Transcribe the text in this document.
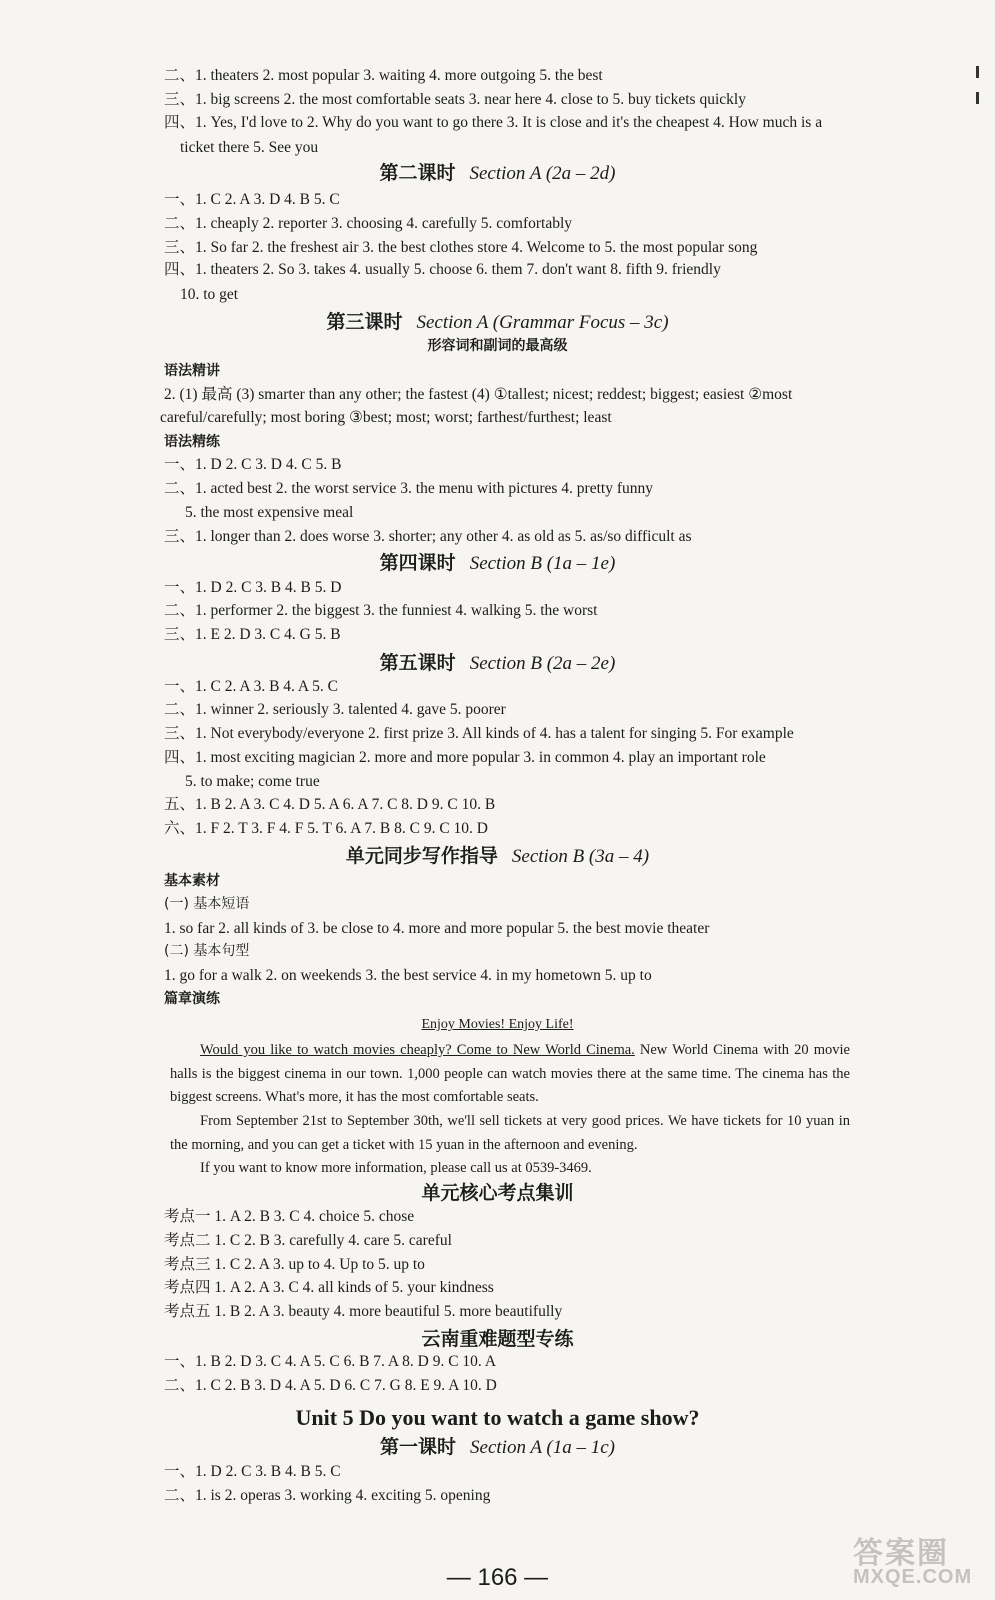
二、1. theaters 2. most popular 3. waiting 4. more outgoing 5. the best
三、1. big screens 2. the most comfortable seats 3. near here 4. close to 5. buy tickets quickly
四、1. Yes, I'd love to 2. Why do you want to go there 3. It is close and it's the cheapest 4. How much is a
ticket there 5. See you
第二课时 Section A (2a – 2d)
一、1. C 2. A 3. D 4. B 5. C
二、1. cheaply 2. reporter 3. choosing 4. carefully 5. comfortably
三、1. So far 2. the freshest air 3. the best clothes store 4. Welcome to 5. the most popular song
四、1. theaters 2. So 3. takes 4. usually 5. choose 6. them 7. don't want 8. fifth 9. friendly
10. to get
第三课时 Section A (Grammar Focus – 3c)
形容词和副词的最高级
语法精讲
2. (1) 最高 (3) smarter than any other; the fastest (4) ①tallest; nicest; reddest; biggest; easiest ②most
careful/carefully; most boring ③best; most; worst; farthest/furthest; least
语法精练
一、1. D 2. C 3. D 4. C 5. B
二、1. acted best 2. the worst service 3. the menu with pictures 4. pretty funny
5. the most expensive meal
三、1. longer than 2. does worse 3. shorter; any other 4. as old as 5. as/so difficult as
第四课时 Section B (1a – 1e)
一、1. D 2. C 3. B 4. B 5. D
二、1. performer 2. the biggest 3. the funniest 4. walking 5. the worst
三、1. E 2. D 3. C 4. G 5. B
第五课时 Section B (2a – 2e)
一、1. C 2. A 3. B 4. A 5. C
二、1. winner 2. seriously 3. talented 4. gave 5. poorer
三、1. Not everybody/everyone 2. first prize 3. All kinds of 4. has a talent for singing 5. For example
四、1. most exciting magician 2. more and more popular 3. in common 4. play an important role
5. to make; come true
五、1. B 2. A 3. C 4. D 5. A 6. A 7. C 8. D 9. C 10. B
六、1. F 2. T 3. F 4. F 5. T 6. A 7. B 8. C 9. C 10. D
单元同步写作指导 Section B (3a – 4)
基本素材
(一) 基本短语
1. so far 2. all kinds of 3. be close to 4. more and more popular 5. the best movie theater
(二) 基本句型
1. go for a walk 2. on weekends 3. the best service 4. in my hometown 5. up to
篇章演练
Enjoy Movies! Enjoy Life!
Would you like to watch movies cheaply? Come to New World Cinema. New World Cinema with 20 movie halls is the biggest cinema in our town. 1,000 people can watch movies there at the same time. The cinema has the biggest screens. What's more, it has the most comfortable seats.
From September 21st to September 30th, we'll sell tickets at very good prices. We have tickets for 10 yuan in the morning, and you can get a ticket with 15 yuan in the afternoon and evening.
If you want to know more information, please call us at 0539-3469.
单元核心考点集训
考点一 1. A 2. B 3. C 4. choice 5. chose
考点二 1. C 2. B 3. carefully 4. care 5. careful
考点三 1. C 2. A 3. up to 4. Up to 5. up to
考点四 1. A 2. A 3. C 4. all kinds of 5. your kindness
考点五 1. B 2. A 3. beauty 4. more beautiful 5. more beautifully
云南重难题型专练
一、1. B 2. D 3. C 4. A 5. C 6. B 7. A 8. D 9. C 10. A
二、1. C 2. B 3. D 4. A 5. D 6. C 7. G 8. E 9. A 10. D
Unit 5 Do you want to watch a game show?
第一课时 Section A (1a – 1c)
一、1. D 2. C 3. B 4. B 5. C
二、1. is 2. operas 3. working 4. exciting 5. opening
— 166 —
答案圈
MXQE.COM
